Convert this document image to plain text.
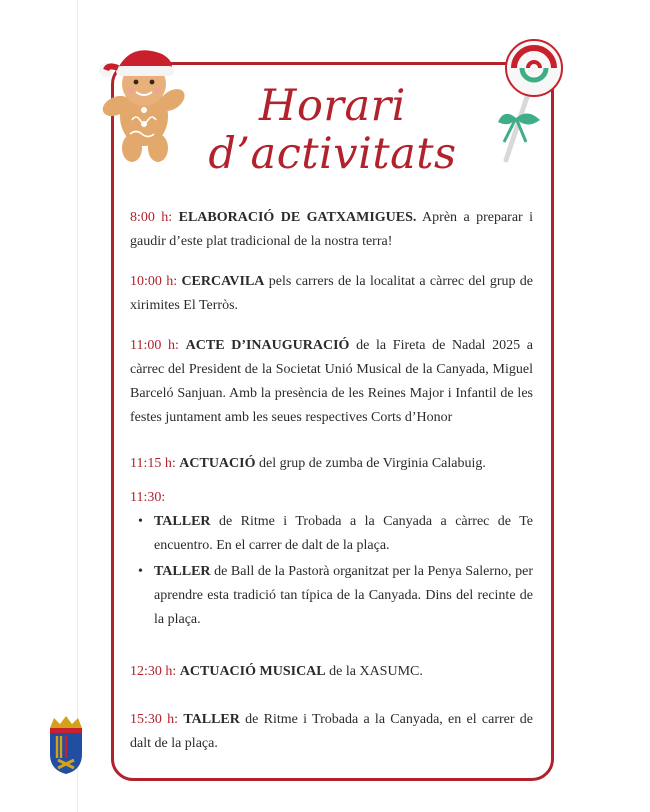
Horari
d’activitats
8:00 h: ELABORACIÓ DE GATXAMIGUES. Aprèn a preparar i gaudir d’este plat tradicional de la nostra terra!
10:00 h: CERCAVILA pels carrers de la localitat a càrrec del grup de xirimites El Terròs.
11:00 h: ACTE D’INAUGURACIÓ de la Fireta de Nadal 2025 a càrrec del President de la Societat Unió Musical de la Canyada, Miguel Barceló Sanjuan. Amb la presència de les Reines Major i Infantil de les festes juntament amb les seues respectives Corts d’Honor
11:15 h: ACTUACIÓ del grup de zumba de Virginia Calabuig.
11:30:
• TALLER de Ritme i Trobada a la Canyada a càrrec de Te encuentro. En el carrer de dalt de la plaça.
• TALLER de Ball de la Pastorà organitzat per la Penya Salerno, per aprendre esta tradició tan típica de la Canyada. Dins del recinte de la plaça.
12:30 h: ACTUACIÓ MUSICAL de la XASUMC.
15:30 h: TALLER de Ritme i Trobada a la Canyada, en el carrer de dalt de la plaça.
